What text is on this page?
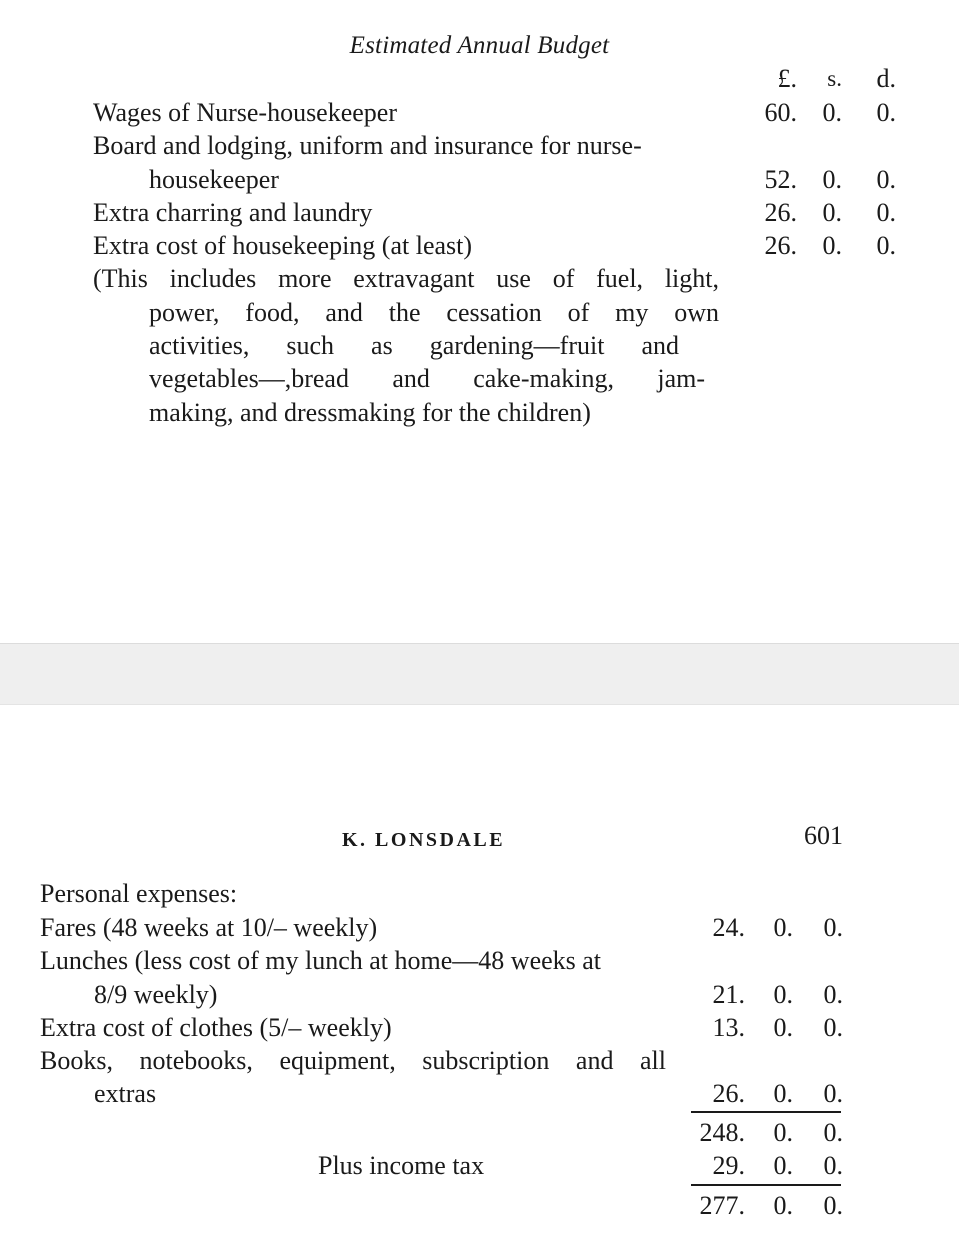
Estimated Annual Budget
£. s. d.
Wages of Nurse-housekeeper
Board and lodging, uniform and insurance for nurse-
housekeeper
Extra charring and laundry
Extra cost of housekeeping (at least)
(This includes more extravagant use of fuel, light,
power, food, and the cessation of my own
activities, such as gardening—fruit and
vegetables—,bread and cake-making, jam-
making, and dressmaking for the children)
60. 0. 0.
52. 0. 0.
26. 0. 0.
26. 0. 0.
K. LONSDALE	601
Personal expenses:
Fares (48 weeks at 10/– weekly)
Lunches (less cost of my lunch at home—48 weeks at
8/9 weekly)
Extra cost of clothes (5/– weekly)
Books, notebooks, equipment, subscription and all
extras
Plus income tax
24. 0. 0.
21. 0. 0.
13. 0. 0.
26. 0. 0.
248. 0. 0.
29. 0. 0.
277. 0. 0.
